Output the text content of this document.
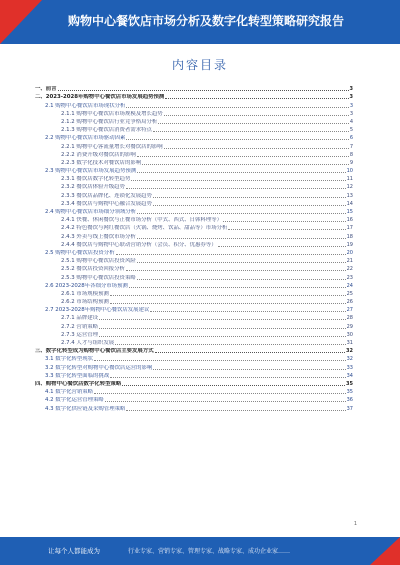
购物中心餐饮店市场分析及数字化转型策略研究报告
内容目录
一、前言	3
二、2023-2028年购物中心餐饮店市场发展趋势预测	3
2.1 购物中心餐饮店市场现状分析	3
2.1.1 购物中心餐饮店市场规模及增长趋势	3
2.1.2 购物中心餐饮店行业竞争格局分析	4
2.1.3 购物中心餐饮店消费者需求特点	5
2.2 购物中心餐饮店市场驱动因素	6
2.2.1 购物中心客流量增长对餐饮店的影响	7
2.2.2 消费升级对餐饮店的影响	8
2.2.3 数字化技术对餐饮店的影响	9
2.3 购物中心餐饮店市场发展趋势预测	10
2.3.1 餐饮店数字化转型趋势	11
2.3.2 餐饮店体验升级趋势	12
2.3.3 餐饮店品牌化、连锁化发展趋势	13
2.3.4 餐饮店与购物中心融合发展趋势	14
2.4 购物中心餐饮店市场细分领域分析	15
2.4.1 快餐、休闲餐饮与正餐市场分析（中式、西式、日韩料理等）	16
2.4.2 特色餐饮与网红餐饮店（火锅、烧烤、饮品、甜品等）市场分析	17
2.4.3 外卖与线上餐饮市场分析	18
2.4.4 餐饮店与购物中心联动营销分析（会员、积分、优惠券等）	19
2.5 购物中心餐饮店投资分析	20
2.5.1 购物中心餐饮店投资风险	21
2.5.2 餐饮店投资回报分析	22
2.5.3 购物中心餐饮店投资策略	23
2.6 2023-2028年各细分市场预测	24
2.6.1 市场规模预测	25
2.6.2 市场结构预测	26
2.7 2023-2028年购物中心餐饮店发展建议	27
2.7.1 品牌建设	28
2.7.2 营销策略	29
2.7.3 运营管理	30
2.7.4 人才与组织发展	31
三、数字化转型成为购物中心餐饮店主要发展方式	32
3.1 数字化转型现状	32
3.2 数字化转型对购物中心餐饮店运营的影响	33
3.3 数字化转型面临的挑战	34
四、购物中心餐饮店数字化转型策略	35
4.1 数字化营销策略	35
4.2 数字化运营管理策略	36
4.3 数字化供应链及采购管理策略	37
1
让每个人都能成为	行业专家、营销专家、管理专家、战略专家、成功企业家……
